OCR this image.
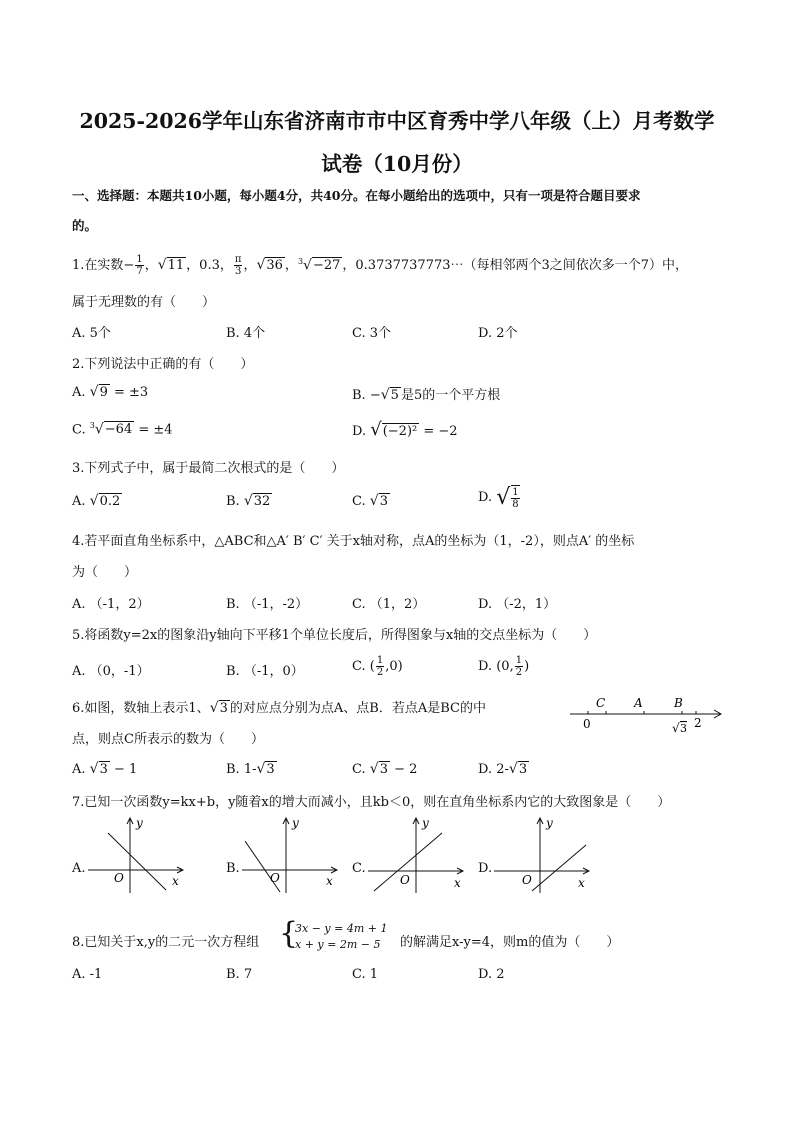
2025-2026学年山东省济南市市中区育秀中学八年级（上）月考数学
试卷（10月份）
一、选择题：本题共10小题，每小题4分，共40分。在每小题给出的选项中，只有一项是符合题目要求
的。
1.在实数− $\frac{1}{7}$ ，√11 ，0.3， $\frac{\pi}{3}$ ，√36 ，$^3$√−27 ，0.3737737773⋯（每相邻两个3之间依次多一个7）中，
属于无理数的有（　　）
A. 5个	B. 4个	C. 3个	D. 2个
2.下列说法中正确的有（　　）
A. √9 = ±3	B. −√5 是5的一个平方根
C. $^3$√−64 = ±4	D. √(−2)² = −2
3.下列式子中，属于最简二次根式的是（　　）
A. √0.2	B. √32	C. √3	D. √ $\frac{1}{8}$
4.若平面直角坐标系中，△ABC和△A′ B′ C′ 关于x轴对称，点A的坐标为（1，-2），则点A′ 的坐标
为（　　）
A. （-1，2）	B. （-1，-2）	C. （1，2）	D. （-2，1）
5.将函数y=2x的图象沿y轴向下平移1个单位长度后，所得图象与x轴的交点坐标为（　　）
A. （0，-1）	B. （-1，0）	C. ( $\frac{1}{2} ,0$)	D. (0, $\frac{1}{2}$ )
6.如图，数轴上表示1、√3 的对应点分别为点A、点B．若点A是BC的中
点，则点C所表示的数为（　　）
C A	B
0	√ 3 2
A. √3 − 1	B. 1-√3	C. √3 − 2	D. 2-√3
7.已知一次函数y=kx+b，y随着x的增大而减小，且kb＜0，则在直角坐标系内它的大致图象是（　　）
A.
y
O	x
B.
y
O	x
C.
y
O	x
D.
y
O	x
8.已知关于x,y的二元一次方程组 {
3x − y = 4m + 1
x + y = 2m − 5	的解满足x-y=4，则m的值为（　　）
A. -1	B. 7	C. 1	D. 2
